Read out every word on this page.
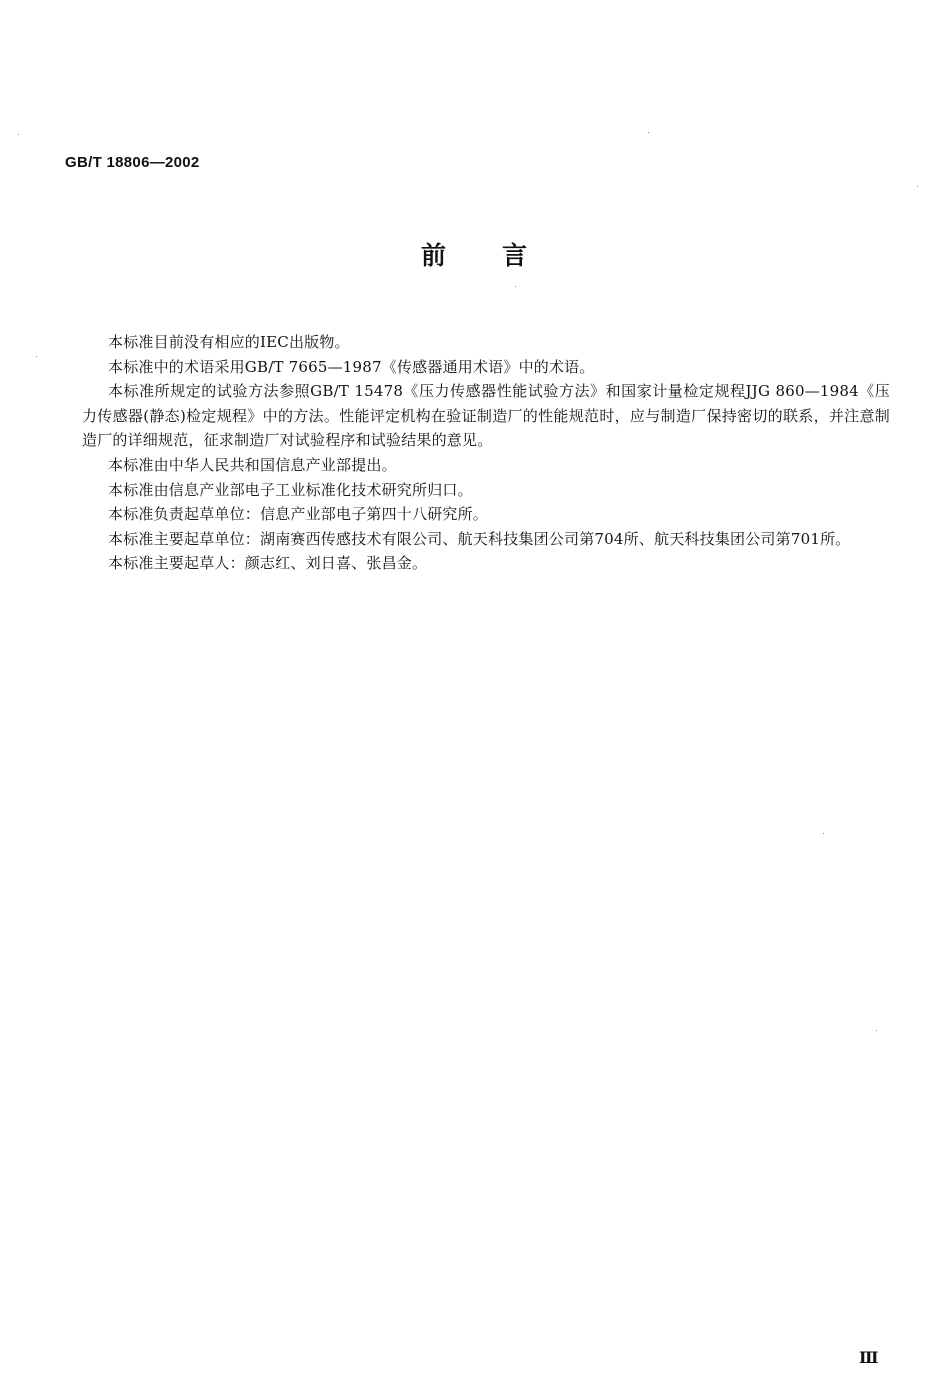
GB/T 18806—2002
前 言

本标准目前没有相应的IEC出版物。

本标准中的术语采用GB/T 7665—1987《传感器通用术语》中的术语。

本标准所规定的试验方法参照GB/T 15478《压力传感器性能试验方法》和国家计量检定规程JJG 860—1984《压力传感器(静态)检定规程》中的方法。性能评定机构在验证制造厂的性能规范时，应与制造厂保持密切的联系，并注意制造厂的详细规范，征求制造厂对试验程序和试验结果的意见。

本标准由中华人民共和国信息产业部提出。

本标准由信息产业部电子工业标准化技术研究所归口。

本标准负责起草单位：信息产业部电子第四十八研究所。

本标准主要起草单位：湖南赛西传感技术有限公司、航天科技集团公司第704所、航天科技集团公司第701所。

本标准主要起草人：颜志红、刘日喜、张昌金。

Ⅲ
